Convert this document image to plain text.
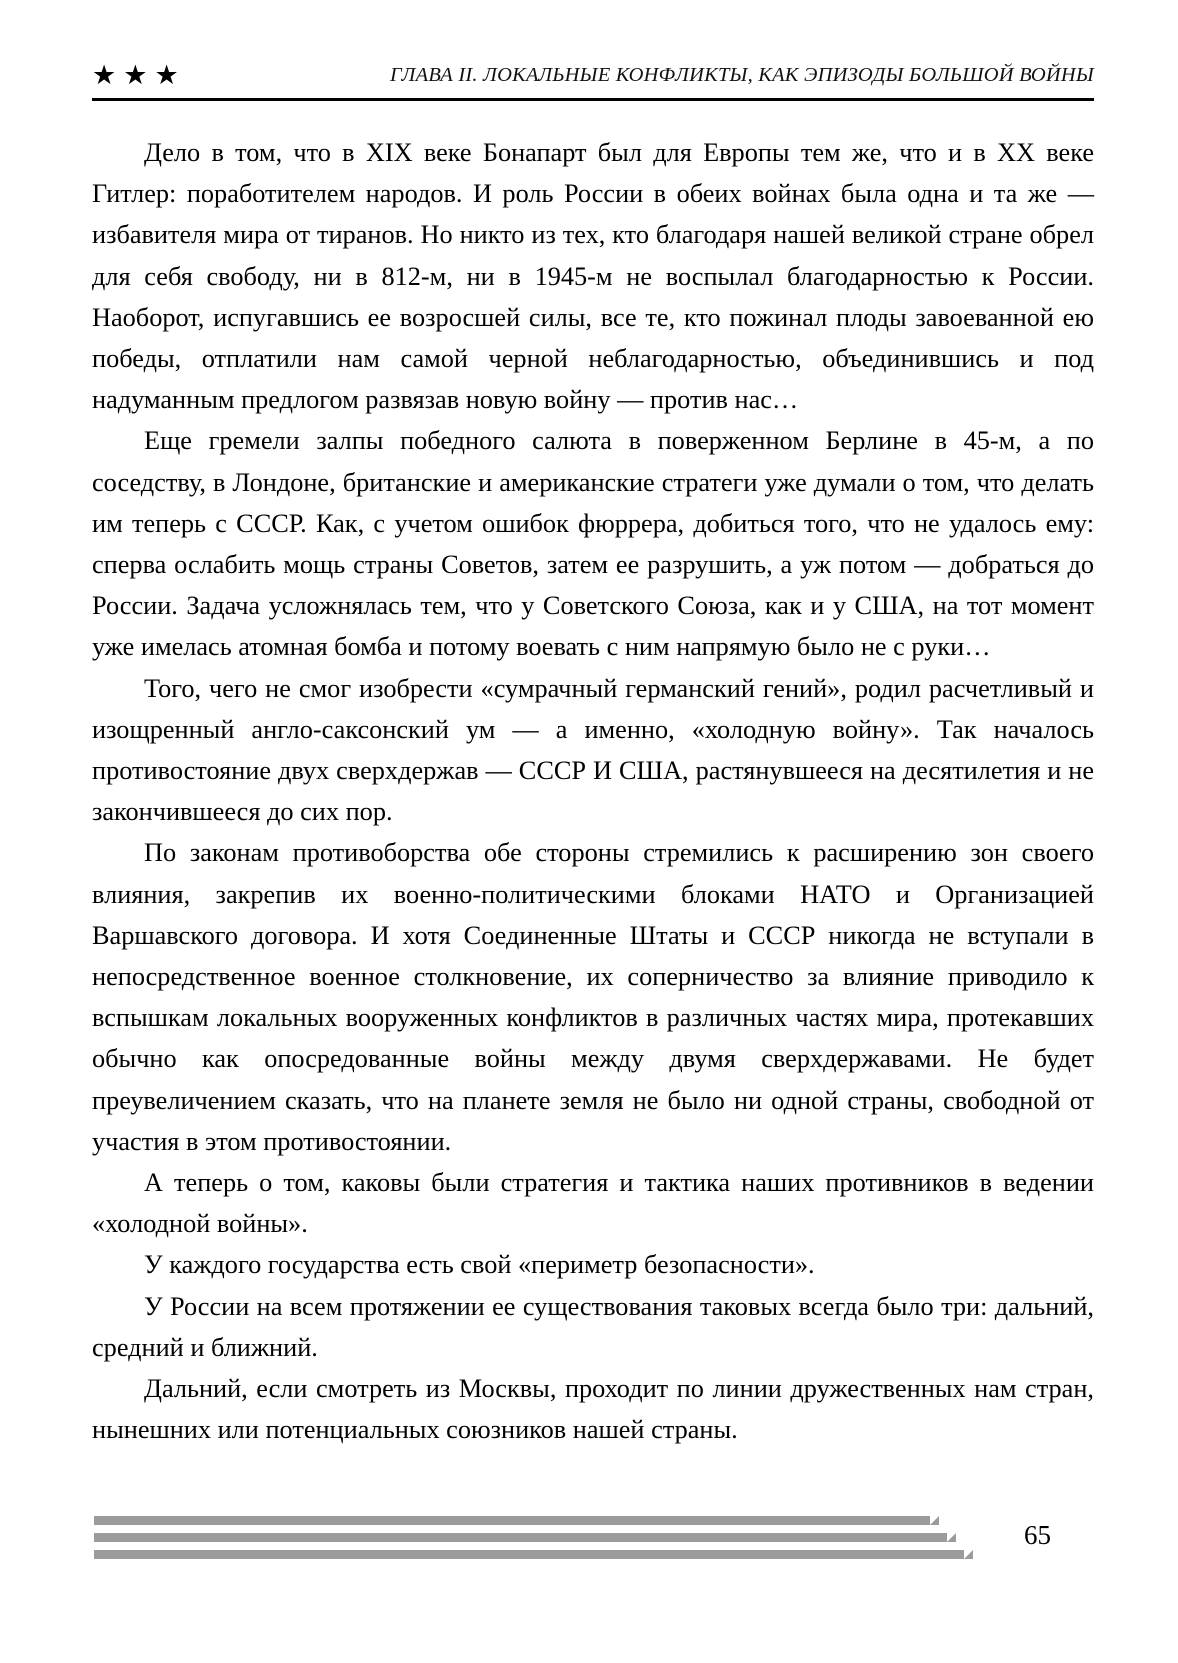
★ ★ ★	ГЛАВА II. ЛОКАЛЬНЫЕ КОНФЛИКТЫ, КАК ЭПИЗОДЫ БОЛЬШОЙ ВОЙНЫ

Дело в том, что в XIX веке Бонапарт был для Европы тем же, что и в XX веке Гитлер: поработителем народов. И роль России в обеих войнах была одна и та же — избавителя мира от тиранов. Но никто из тех, кто благодаря нашей великой стране обрел для себя свободу, ни в 812-м, ни в 1945-м не воспылал благодарностью к России. Наоборот, испугавшись ее возросшей силы, все те, кто пожинал плоды завоеванной ею победы, отплатили нам самой черной неблагодарностью, объединившись и под надуманным предлогом развязав новую войну — против нас…

Еще гремели залпы победного салюта в поверженном Берлине в 45-м, а по соседству, в Лондоне, британские и американские стратеги уже думали о том, что делать им теперь с СССР. Как, с учетом ошибок фюррера, добиться того, что не удалось ему: сперва ослабить мощь страны Советов, затем ее разрушить, а уж потом — добраться до России. Задача усложнялась тем, что у Советского Союза, как и у США, на тот момент уже имелась атомная бомба и потому воевать с ним напрямую было не с руки…

Того, чего не смог изобрести «сумрачный германский гений», родил расчетливый и изощренный англо-саксонский ум — а именно, «холодную войну». Так началось противостояние двух сверхдержав — СССР И США, растянувшееся на десятилетия и не закончившееся до сих пор.

По законам противоборства обе стороны стремились к расширению зон своего влияния, закрепив их военно-политическими блоками НАТО и Организацией Варшавского договора. И хотя Соединенные Штаты и СССР никогда не вступали в непосредственное военное столкновение, их соперничество за влияние приводило к вспышкам локальных вооруженных конфликтов в различных частях мира, протекавших обычно как опосредованные войны между двумя сверхдержавами. Не будет преувеличением сказать, что на планете земля не было ни одной страны, свободной от участия в этом противостоянии.

А теперь о том, каковы были стратегия и тактика наших противников в ведении «холодной войны».

У каждого государства есть свой «периметр безопасности».

У России на всем протяжении ее существования таковых всегда было три: дальний, средний и ближний.

Дальний, если смотреть из Москвы, проходит по линии дружественных нам стран, нынешних или потенциальных союзников нашей страны.

65
